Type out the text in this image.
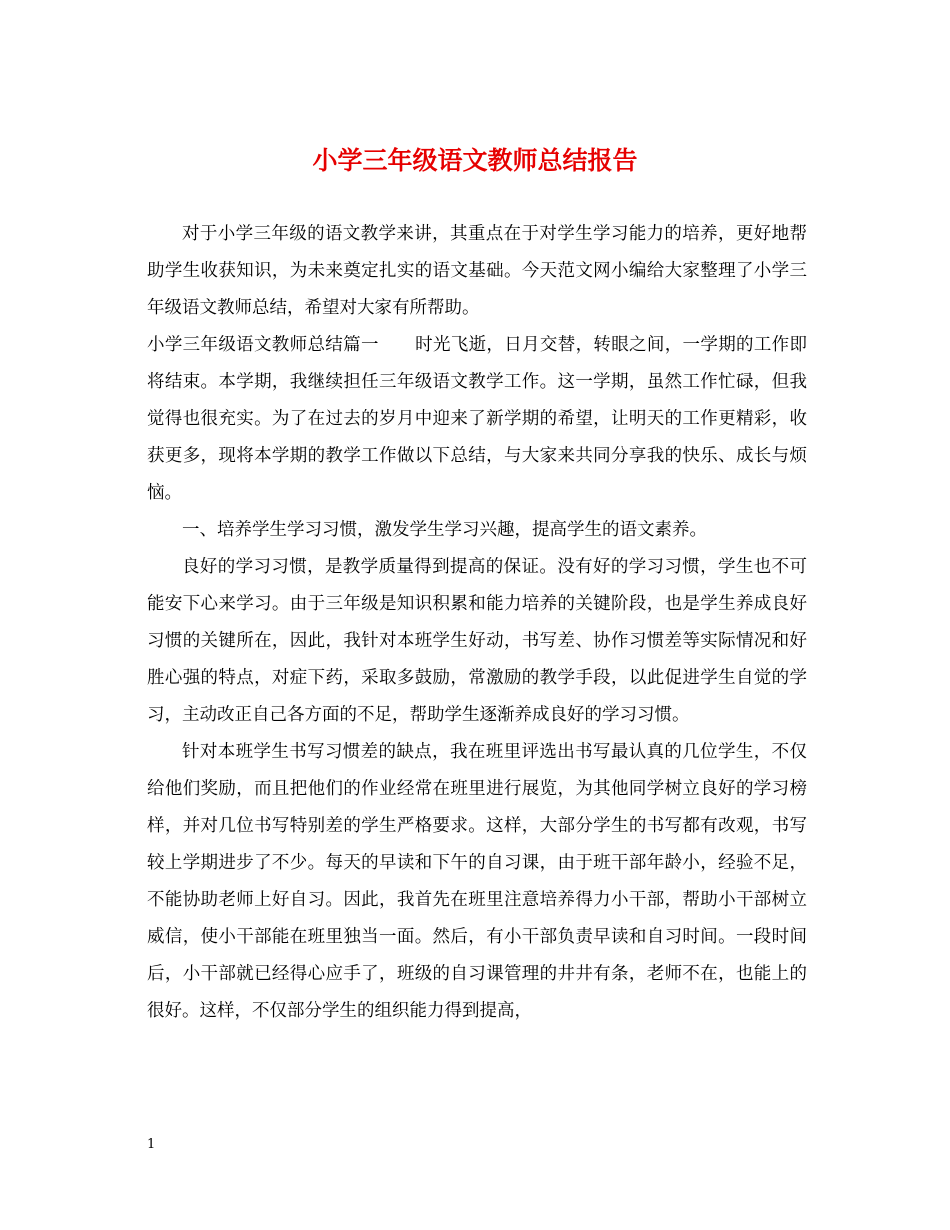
小学三年级语文教师总结报告

对于小学三年级的语文教学来讲，其重点在于对学生学习能力的培养，更好地帮助学生收获知识，为未来奠定扎实的语文基础。今天范文网小编给大家整理了小学三年级语文教师总结，希望对大家有所帮助。

小学三年级语文教师总结篇一 时光飞逝，日月交替，转眼之间，一学期的工作即将结束。本学期，我继续担任三年级语文教学工作。这一学期，虽然工作忙碌，但我觉得也很充实。为了在过去的岁月中迎来了新学期的希望，让明天的工作更精彩，收获更多，现将本学期的教学工作做以下总结，与大家来共同分享我的快乐、成长与烦恼。

一、培养学生学习习惯，激发学生学习兴趣，提高学生的语文素养。

良好的学习习惯，是教学质量得到提高的保证。没有好的学习习惯，学生也不可能安下心来学习。由于三年级是知识积累和能力培养的关键阶段，也是学生养成良好习惯的关键所在，因此，我针对本班学生好动，书写差、协作习惯差等实际情况和好胜心强的特点，对症下药，采取多鼓励，常激励的教学手段，以此促进学生自觉的学习，主动改正自己各方面的不足，帮助学生逐渐养成良好的学习习惯。

针对本班学生书写习惯差的缺点，我在班里评选出书写最认真的几位学生，不仅给他们奖励，而且把他们的作业经常在班里进行展览，为其他同学树立良好的学习榜样，并对几位书写特别差的学生严格要求。这样，大部分学生的书写都有改观，书写较上学期进步了不少。每天的早读和下午的自习课，由于班干部年龄小，经验不足，不能协助老师上好自习。因此，我首先在班里注意培养得力小干部，帮助小干部树立威信，使小干部能在班里独当一面。然后，有小干部负责早读和自习时间。一段时间后，小干部就已经得心应手了，班级的自习课管理的井井有条，老师不在，也能上的很好。这样，不仅部分学生的组织能力得到提高，

1
